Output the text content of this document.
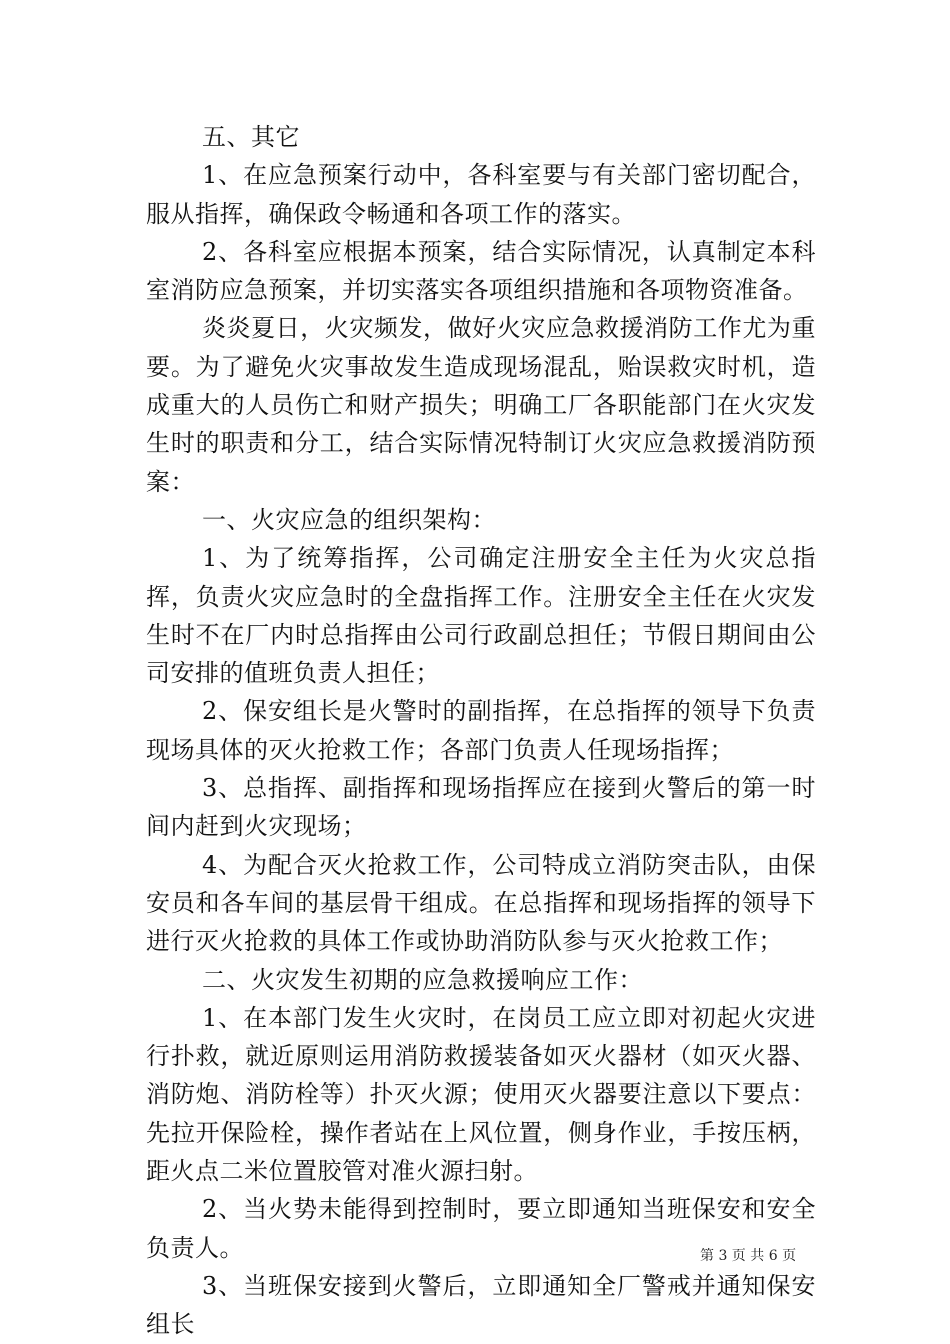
五、其它

1、在应急预案行动中，各科室要与有关部门密切配合，服从指挥，确保政令畅通和各项工作的落实。

2、各科室应根据本预案，结合实际情况，认真制定本科室消防应急预案，并切实落实各项组织措施和各项物资准备。

炎炎夏日，火灾频发，做好火灾应急救援消防工作尤为重要。为了避免火灾事故发生造成现场混乱，贻误救灾时机，造成重大的人员伤亡和财产损失；明确工厂各职能部门在火灾发生时的职责和分工，结合实际情况特制订火灾应急救援消防预案：

一、火灾应急的组织架构：

1、为了统筹指挥，公司确定注册安全主任为火灾总指挥，负责火灾应急时的全盘指挥工作。注册安全主任在火灾发生时不在厂内时总指挥由公司行政副总担任；节假日期间由公司安排的值班负责人担任；

2、保安组长是火警时的副指挥，在总指挥的领导下负责现场具体的灭火抢救工作；各部门负责人任现场指挥；

3、总指挥、副指挥和现场指挥应在接到火警后的第一时间内赶到火灾现场；

4、为配合灭火抢救工作，公司特成立消防突击队，由保安员和各车间的基层骨干组成。在总指挥和现场指挥的领导下进行灭火抢救的具体工作或协助消防队参与灭火抢救工作；

二、火灾发生初期的应急救援响应工作：

1、在本部门发生火灾时，在岗员工应立即对初起火灾进行扑救，就近原则运用消防救援装备如灭火器材（如灭火器、消防炮、消防栓等）扑灭火源；使用灭火器要注意以下要点：先拉开保险栓，操作者站在上风位置，侧身作业，手按压柄，距火点二米位置胶管对准火源扫射。

2、当火势未能得到控制时，要立即通知当班保安和安全负责人。

3、当班保安接到火警后，立即通知全厂警戒并通知保安组长

第 3 页 共 6 页
